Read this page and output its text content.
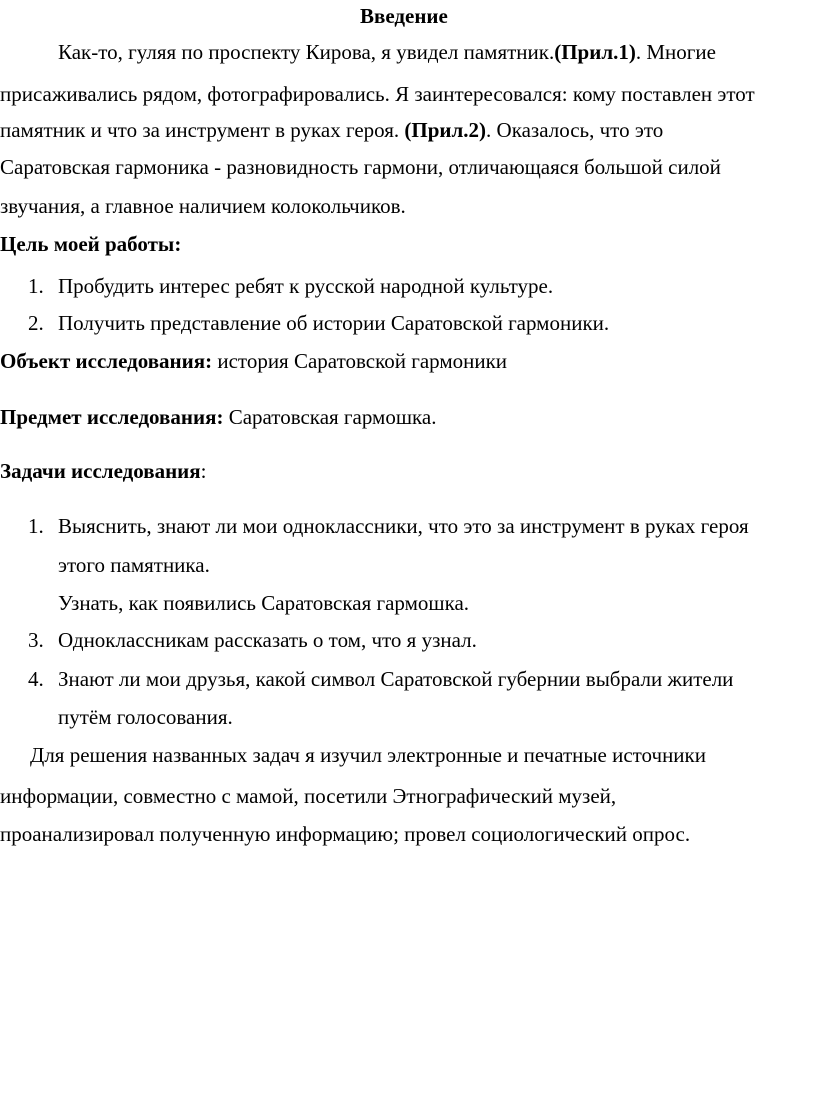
Введение
Как-то, гуляя по проспекту Кирова, я увидел памятник.(Прил.1). Многие
присаживались рядом, фотографировались. Я заинтересовался: кому поставлен этот
памятник и что за инструмент в руках героя. (Прил.2). Оказалось, что это
Саратовская гармоника - разновидность гармони, отличающаяся большой силой
звучания, а главное наличием колокольчиков.
Цель моей работы:
1. Пробудить интерес ребят к русской народной культуре.
2. Получить представление об истории Саратовской гармоники.
Объект исследования: история Саратовской гармоники
Предмет исследования: Саратовская гармошка.
Задачи исследования:
1. Выяснить, знают ли мои одноклассники, что это за инструмент в руках героя
этого памятника.
Узнать, как появились Саратовская гармошка.
3. Одноклассникам рассказать о том, что я узнал.
4. Знают ли мои друзья, какой символ Саратовской губернии выбрали жители
путём голосования.
Для решения названных задач я изучил электронные и печатные источники
информации, совместно с мамой, посетили Этнографический музей,
проанализировал полученную информацию; провел социологический опрос.
